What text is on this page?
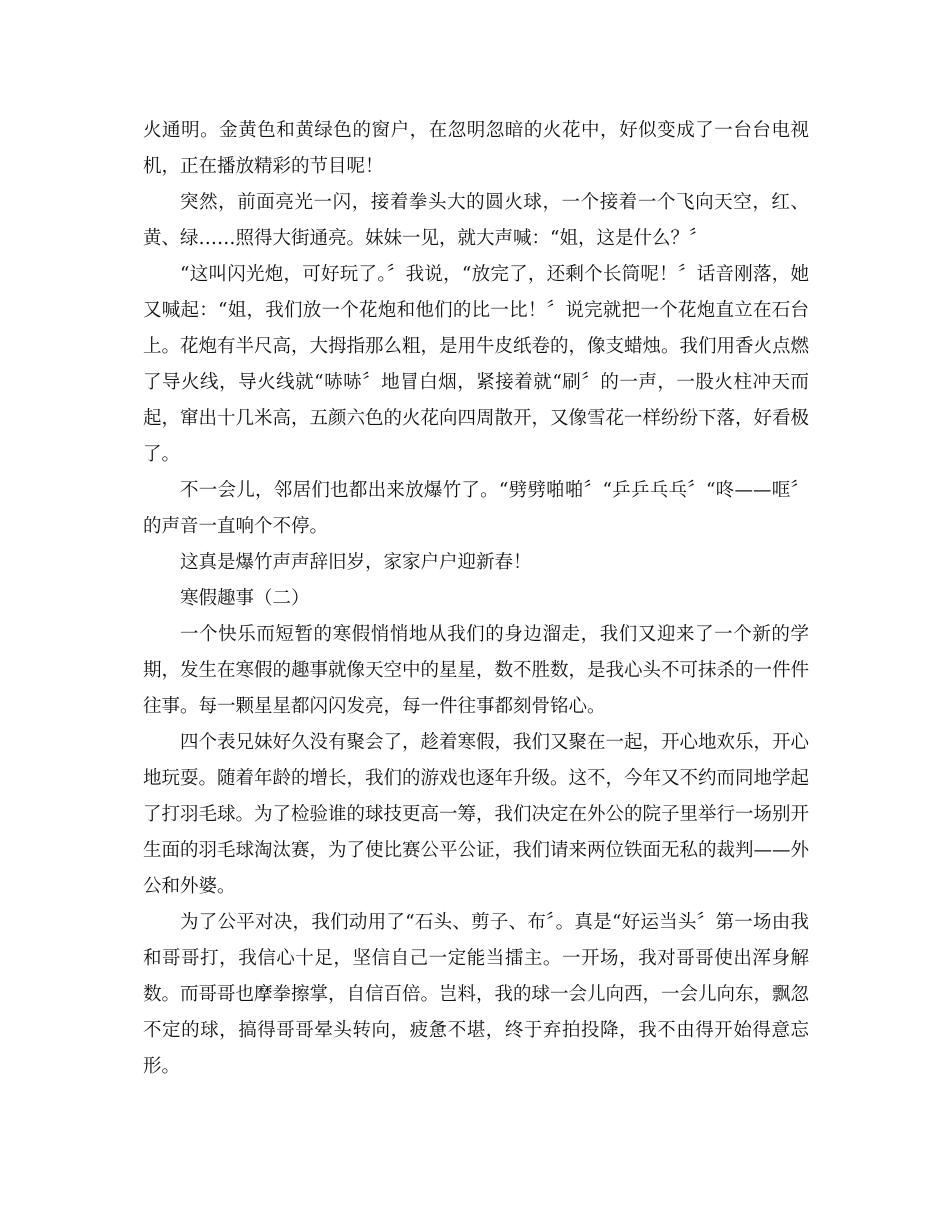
火通明。金黄色和黄绿色的窗户，在忽明忽暗的火花中，好似变成了一台台电视机，正在播放精彩的节目呢！

突然，前面亮光一闪，接着拳头大的圆火球，一个接着一个飞向天空，红、黄、绿……照得大街通亮。妹妹一见，就大声喊：“姐，这是什么？〞

“这叫闪光炮，可好玩了。〞我说，“放完了，还剩个长筒呢！〞话音刚落，她又喊起：“姐，我们放一个花炮和他们的比一比！〞说完就把一个花炮直立在石台上。花炮有半尺高，大拇指那么粗，是用牛皮纸卷的，像支蜡烛。我们用香火点燃了导火线，导火线就“哧哧〞地冒白烟，紧接着就“刷〞的一声，一股火柱冲天而起，窜出十几米高，五颜六色的火花向四周散开，又像雪花一样纷纷下落，好看极了。

不一会儿，邻居们也都出来放爆竹了。“劈劈啪啪〞“乒乒乓乓〞“咚——哐〞的声音一直响个不停。

这真是爆竹声声辞旧岁，家家户户迎新春！

寒假趣事（二）

一个快乐而短暂的寒假悄悄地从我们的身边溜走，我们又迎来了一个新的学期，发生在寒假的趣事就像天空中的星星，数不胜数，是我心头不可抹杀的一件件往事。每一颗星星都闪闪发亮，每一件往事都刻骨铭心。

四个表兄妹好久没有聚会了，趁着寒假，我们又聚在一起，开心地欢乐，开心地玩耍。随着年龄的增长，我们的游戏也逐年升级。这不，今年又不约而同地学起了打羽毛球。为了检验谁的球技更高一筹，我们决定在外公的院子里举行一场别开生面的羽毛球淘汰赛，为了使比赛公平公证，我们请来两位铁面无私的裁判——外公和外婆。

为了公平对决，我们动用了“石头、剪子、布〞。真是“好运当头〞第一场由我和哥哥打，我信心十足，坚信自己一定能当擂主。一开场，我对哥哥使出浑身解数。而哥哥也摩拳擦掌，自信百倍。岂料，我的球一会儿向西，一会儿向东，飘忽不定的球，搞得哥哥晕头转向，疲惫不堪，终于弃拍投降，我不由得开始得意忘形。
